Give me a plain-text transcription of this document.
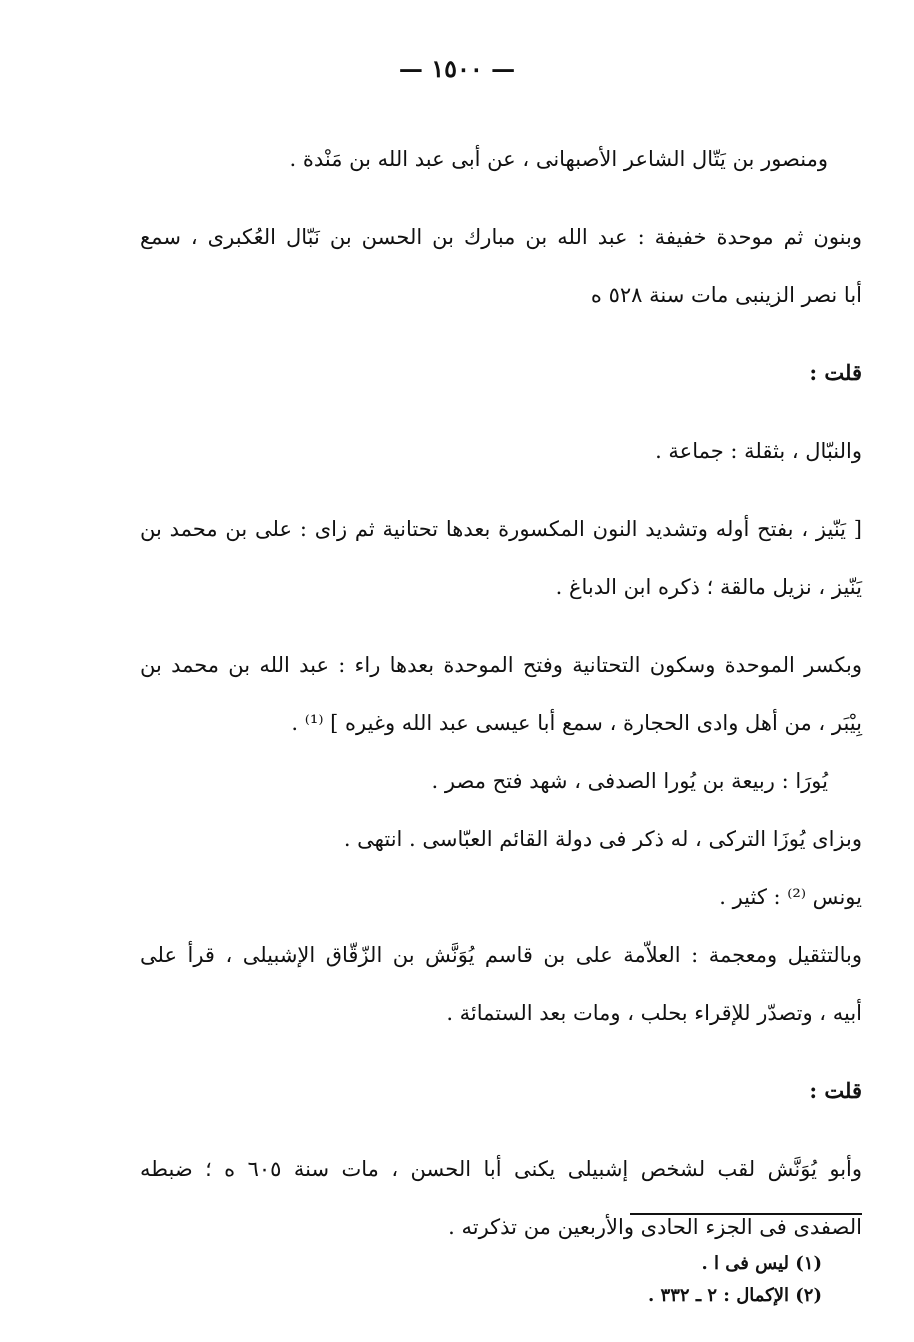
— ١٥٠٠ —
ومنصور بن يَتّال الشاعر الأصبهانى ، عن أبى عبد الله بن مَنْدة .
وبنون ثم موحدة خفيفة : عبد الله بن مبارك بن الحسن بن نَبّال العُكبرى ، سمع
أبا نصر الزينبى مات سنة ٥٢٨ ه
قلت :
والنبّال ، بثقلة : جماعة .
[ يَنّيز ، بفتح أوله وتشديد النون المكسورة بعدها تحتانية ثم زاى : على بن محمد بن
يَنّيز ، نزيل مالقة ؛ ذكره ابن الدباغ .
وبكسر الموحدة وسكون التحتانية وفتح الموحدة بعدها راء : عبد الله بن محمد بن
بِيْبَر ، من أهل وادى الحجارة ، سمع أبا عيسى عبد الله وغيره ] ⁽¹⁾ .
يُورَا : ربيعة بن يُورا الصدفى ، شهد فتح مصر .
وبزاى يُوزَا التركى ، له ذكر فى دولة القائم العبّاسى . انتهى .
يونس ⁽²⁾ : كثير .
وبالتثقيل ومعجمة : العلاّمة على بن قاسم يُوَنَّش بن الزّقّاق الإشبيلى ، قرأ على
أبيه ، وتصدّر للإقراء بحلب ، ومات بعد الستمائة .
قلت :
وأبو يُوَنَّش لقب لشخص إشبيلى يكنى أبا الحسن ، مات سنة ٦٠٥ ه ؛ ضبطه
الصفدى فى الجزء الحادى والأربعين من تذكرته .
(١) ليس فى ا .
(٢) الإكمال : ٢ ـ ٣٣٢ .
